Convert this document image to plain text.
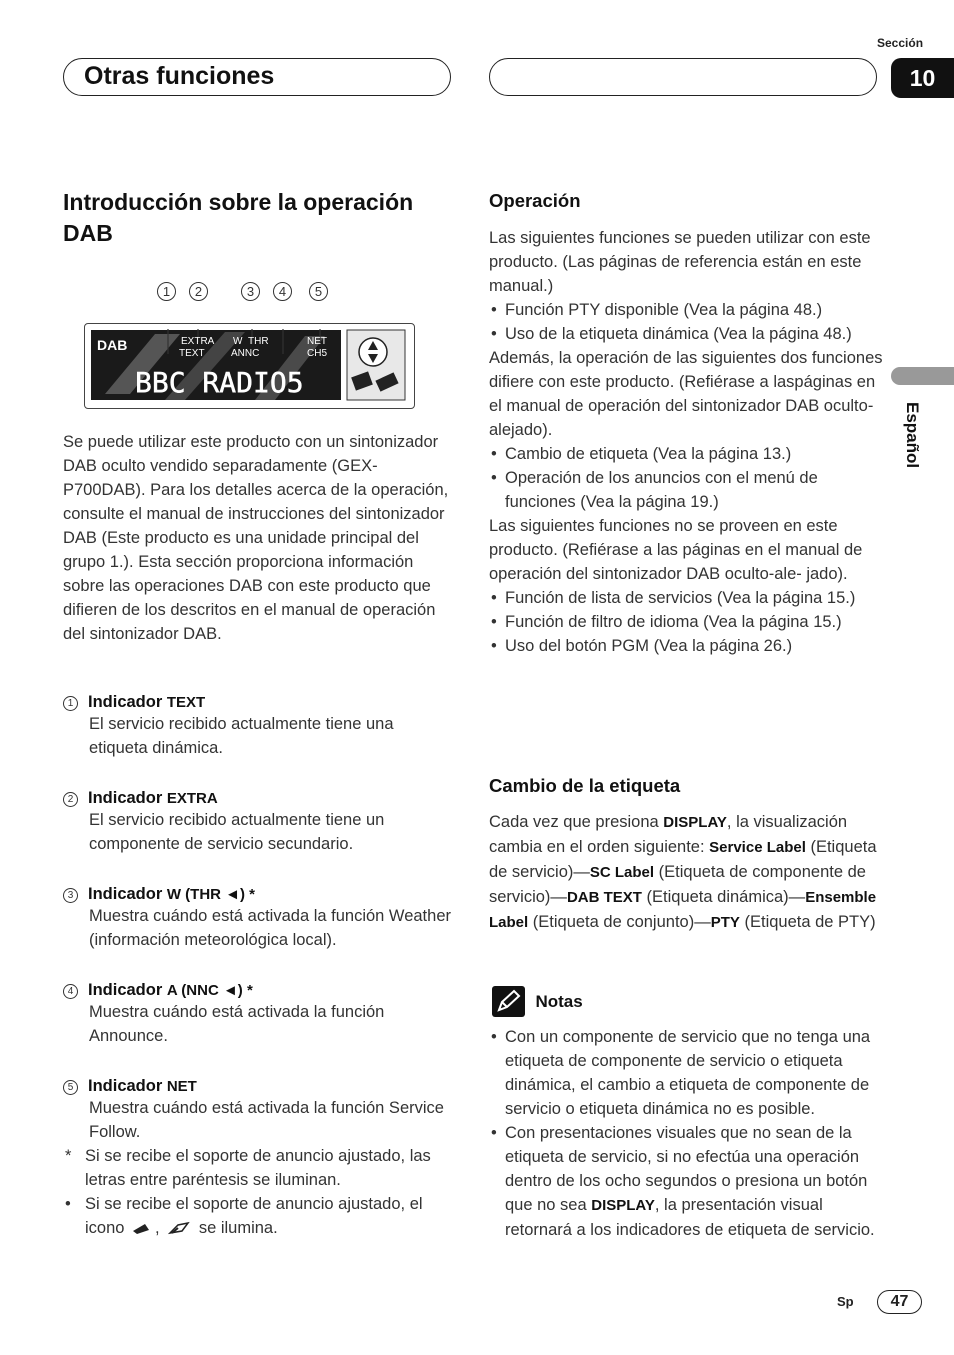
Otras funciones
Sección
10
Español
Introducción sobre la operación DAB
1	2	3	4	5
DAB	EXTRA
TEXT
W THR
ANNC
NET
CH5
BBC RADIO5

Se puede utilizar este producto con un sintonizador DAB oculto vendido separadamente (GEX-P700DAB). Para los detalles acerca de la operación, consulte el manual de instrucciones del sintonizador DAB (Este producto es una unidade principal del grupo 1.). Esta sección proporciona información sobre las operaciones DAB con este producto que difieren de los descritos en el manual de operación del sintonizador DAB.

1 Indicador TEXT
El servicio recibido actualmente tiene una etiqueta dinámica.
2 Indicador EXTRA
El servicio recibido actualmente tiene un componente de servicio secundario.
3 Indicador W (THR ◄) *
Muestra cuándo está activada la función Weather (información meteorológica local).
4 Indicador A (NNC ◄) *
Muestra cuándo está activada la función Announce.
5 Indicador NET
Muestra cuándo está activada la función Service Follow.
* Si se recibe el soporte de anuncio ajustado, las letras entre paréntesis se iluminan.
• Si se recibe el soporte de anuncio ajustado, el icono , se ilumina.
Operación

Las siguientes funciones se pueden utilizar con este producto. (Las páginas de referencia están en este manual.)

• Función PTY disponible (Vea la página 48.)
• Uso de la etiqueta dinámica (Vea la página 48.)

Además, la operación de las siguientes dos funciones difiere con este producto. (Refiérase a laspáginas en el manual de operación del sintonizador DAB oculto-alejado).

• Cambio de etiqueta (Vea la página 13.)
• Operación de los anuncios con el menú de funciones (Vea la página 19.)

Las siguientes funciones no se proveen en este producto. (Refiérase a las páginas en el manual de operación del sintonizador DAB oculto-ale- jado).

• Función de lista de servicios (Vea la página 15.)
• Función de filtro de idioma (Vea la página 15.)
• Uso del botón PGM (Vea la página 26.)
Cambio de la etiqueta

Cada vez que presiona DISPLAY, la visualización cambia en el orden siguiente: Service Label (Etiqueta de servicio)—SC Label (Etiqueta de componente de servicio)—DAB TEXT (Etiqueta dinámica)—Ensemble Label (Etiqueta de conjunto)—PTY (Etiqueta de PTY)

Notas
• Con un componente de servicio que no tenga una etiqueta de componente de servicio o etiqueta dinámica, el cambio a etiqueta de componente de servicio o etiqueta dinámica no es posible.
• Con presentaciones visuales que no sean de la etiqueta de servicio, si no efectúa una operación dentro de los ocho segundos o presiona un botón que no sea DISPLAY, la presentación visual retornará a los indicadores de etiqueta de servicio.
Sp	47
